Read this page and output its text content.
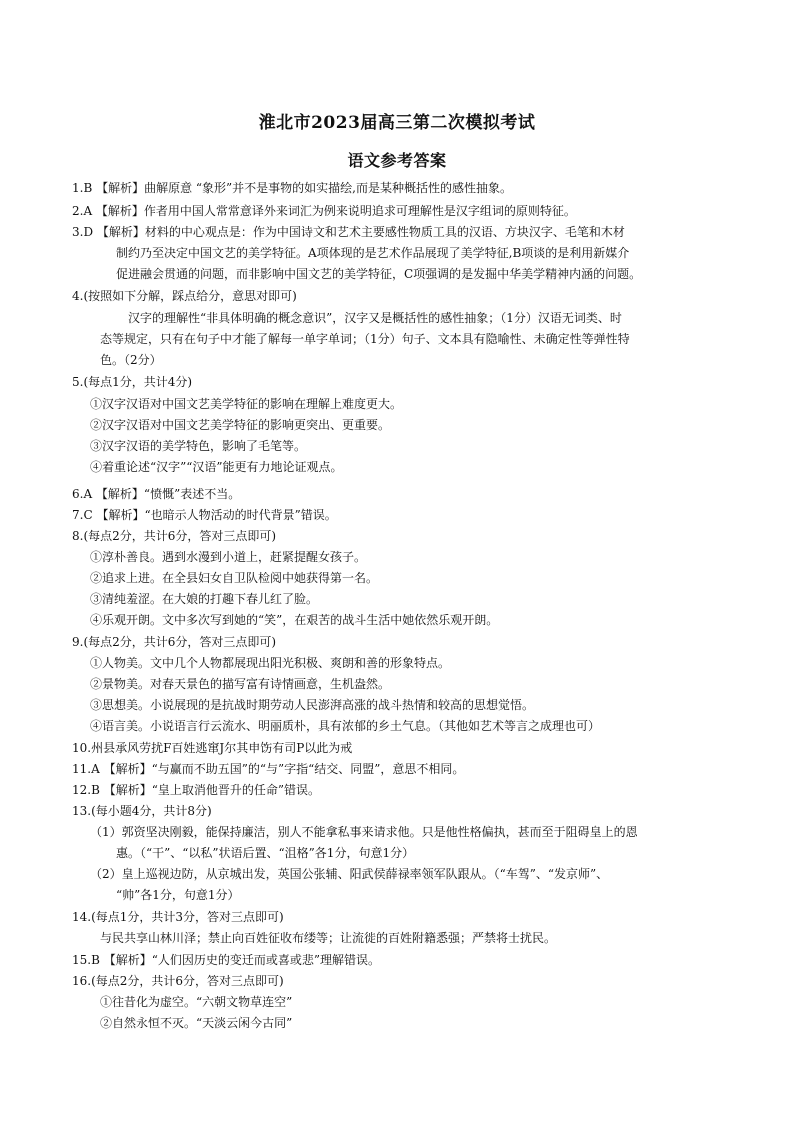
淮北市2023届高三第二次模拟考试
语文参考答案
1.B 【解析】曲解原意 “象形”并不是事物的如实描绘,而是某种概括性的感性抽象。
2.A 【解析】作者用中国人常常意译外来词汇为例来说明追求可理解性是汉字组词的原则特征。
3.D 【解析】材料的中心观点是：作为中国诗文和艺术主要感性物质工具的汉语、方块汉字、毛笔和木材
制约乃至决定中国文艺的美学特征。A项体现的是艺术作品展现了美学特征,B项谈的是利用新媒介
促进融会贯通的问题，而非影响中国文艺的美学特征，C项强调的是发掘中华美学精神内涵的问题。
4.(按照如下分解，踩点给分，意思对即可)
汉字的理解性“非具体明确的概念意识”，汉字又是概括性的感性抽象；（1分）汉语无词类、时
态等规定，只有在句子中才能了解每一单字单词；（1分）句子、文本具有隐喻性、未确定性等弹性特
色。（2分）
5.(每点1分，共计4分)
①汉字汉语对中国文艺美学特征的影响在理解上难度更大。
②汉字汉语对中国文艺美学特征的影响更突出、更重要。
③汉字汉语的美学特色，影响了毛笔等。
④着重论述“汉字”“汉语”能更有力地论证观点。
6.A 【解析】“愤慨”表述不当。
7.C 【解析】“也暗示人物活动的时代背景”错误。
8.(每点2分，共计6分，答对三点即可)
①淳朴善良。遇到水漫到小道上，赶紧提醒女孩子。
②追求上进。在全县妇女自卫队检阅中她获得第一名。
③清纯羞涩。在大娘的打趣下春儿红了脸。
④乐观开朗。文中多次写到她的“笑”，在艰苦的战斗生活中她依然乐观开朗。
9.(每点2分，共计6分，答对三点即可)
①人物美。文中几个人物都展现出阳光积极、爽朗和善的形象特点。
②景物美。对春天景色的描写富有诗情画意，生机盎然。
③思想美。小说展现的是抗战时期劳动人民澎湃高涨的战斗热情和较高的思想觉悟。
④语言美。小说语言行云流水、明丽质朴，具有浓郁的乡土气息。（其他如艺术等言之成理也可）
10.州县承风劳扰F百姓逃窜J尔其申饬有司P以此为戒
11.A 【解析】“与赢而不助五国”的“与”字指“结交、同盟”，意思不相同。
12.B 【解析】“皇上取消他晋升的任命”错误。
13.(每小题4分，共计8分)
（1）郭资坚决刚毅，能保持廉洁，别人不能拿私事来请求他。只是他性格偏执，甚而至于阻碍皇上的恩
惠。（“干”、“以私”状语后置、“沮格”各1分，句意1分）
（2）皇上巡视边防，从京城出发，英国公张辅、阳武侯薛禄率领军队跟从。（“车驾”、“发京师”、
“帅”各1分，句意1分）
14.(每点1分，共计3分，答对三点即可)
与民共享山林川泽；禁止向百姓征收布缕等；让流徙的百姓附籍悉强；严禁将士扰民。
15.B 【解析】“人们因历史的变迁而或喜或悲”理解错误。
16.(每点2分，共计6分，答对三点即可)
①往昔化为虚空。“六朝文物草连空”
②自然永恒不灭。“天淡云闲今古同”
